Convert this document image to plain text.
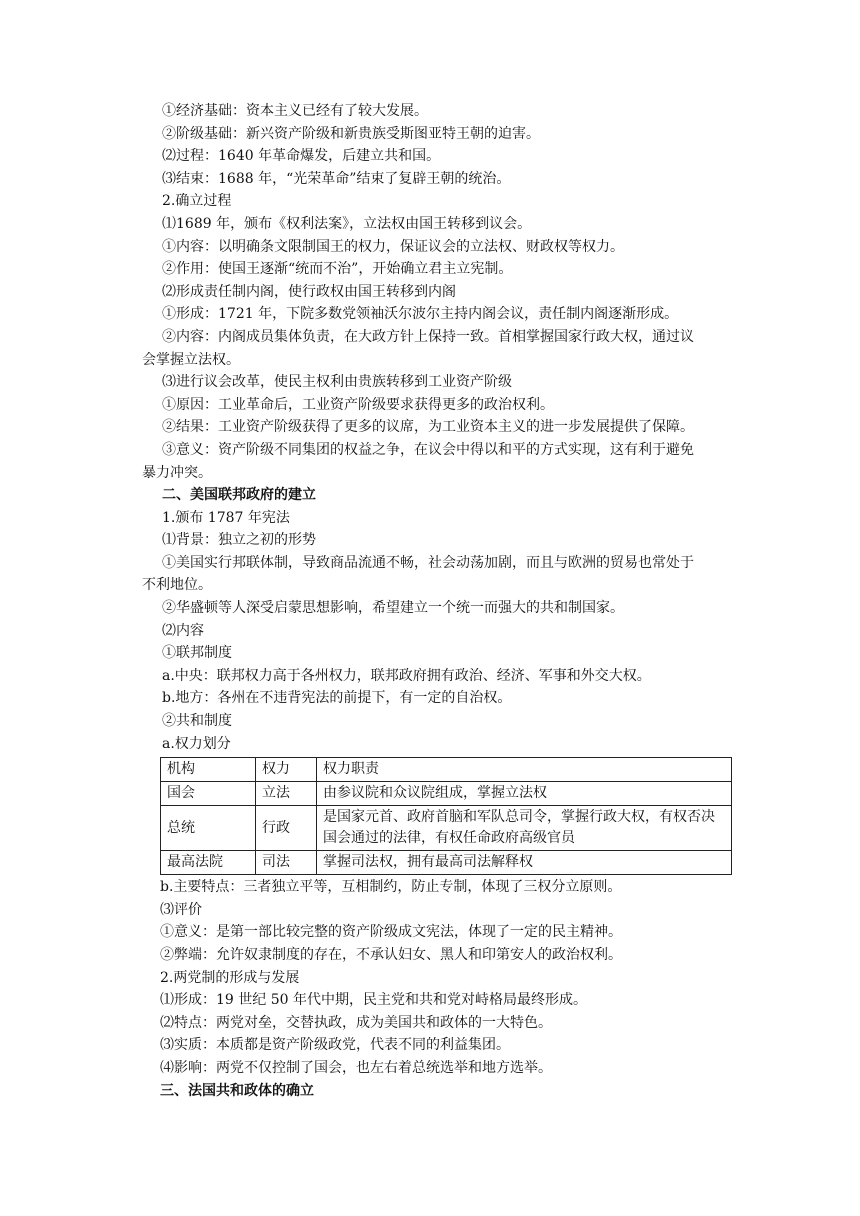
①经济基础：资本主义已经有了较大发展。
②阶级基础：新兴资产阶级和新贵族受斯图亚特王朝的迫害。
⑵过程：1640 年革命爆发，后建立共和国。
⑶结束：1688 年，“光荣革命”结束了复辟王朝的统治。
2.确立过程
⑴1689 年，颁布《权利法案》，立法权由国王转移到议会。
①内容：以明确条文限制国王的权力，保证议会的立法权、财政权等权力。
②作用：使国王逐渐“统而不治”，开始确立君主立宪制。
⑵形成责任制内阁，使行政权由国王转移到内阁
①形成：1721 年，下院多数党领袖沃尔波尔主持内阁会议，责任制内阁逐渐形成。
②内容：内阁成员集体负责，在大政方针上保持一致。首相掌握国家行政大权，通过议
会掌握立法权。
⑶进行议会改革，使民主权利由贵族转移到工业资产阶级
①原因：工业革命后，工业资产阶级要求获得更多的政治权利。
②结果：工业资产阶级获得了更多的议席，为工业资本主义的进一步发展提供了保障。
③意义：资产阶级不同集团的权益之争，在议会中得以和平的方式实现，这有利于避免
暴力冲突。
二、美国联邦政府的建立
1.颁布 1787 年宪法
⑴背景：独立之初的形势
①美国实行邦联体制，导致商品流通不畅，社会动荡加剧，而且与欧洲的贸易也常处于
不利地位。
②华盛顿等人深受启蒙思想影响，希望建立一个统一而强大的共和制国家。
⑵内容
①联邦制度
a.中央：联邦权力高于各州权力，联邦政府拥有政治、经济、军事和外交大权。
b.地方：各州在不违背宪法的前提下，有一定的自治权。
②共和制度
a.权力划分
机构	权力	权力职责
国会	立法	由参议院和众议院组成，掌握立法权
总统	行政	是国家元首、政府首脑和军队总司令，掌握行政大权，有权否决国会通过的法律，有权任命政府高级官员
最高法院	司法	掌握司法权，拥有最高司法解释权
b.主要特点：三者独立平等，互相制约，防止专制，体现了三权分立原则。
⑶评价
①意义：是第一部比较完整的资产阶级成文宪法，体现了一定的民主精神。
②弊端：允许奴隶制度的存在，不承认妇女、黑人和印第安人的政治权利。
2.两党制的形成与发展
⑴形成：19 世纪 50 年代中期，民主党和共和党对峙格局最终形成。
⑵特点：两党对垒，交替执政，成为美国共和政体的一大特色。
⑶实质：本质都是资产阶级政党，代表不同的利益集团。
⑷影响：两党不仅控制了国会，也左右着总统选举和地方选举。
三、法国共和政体的确立
